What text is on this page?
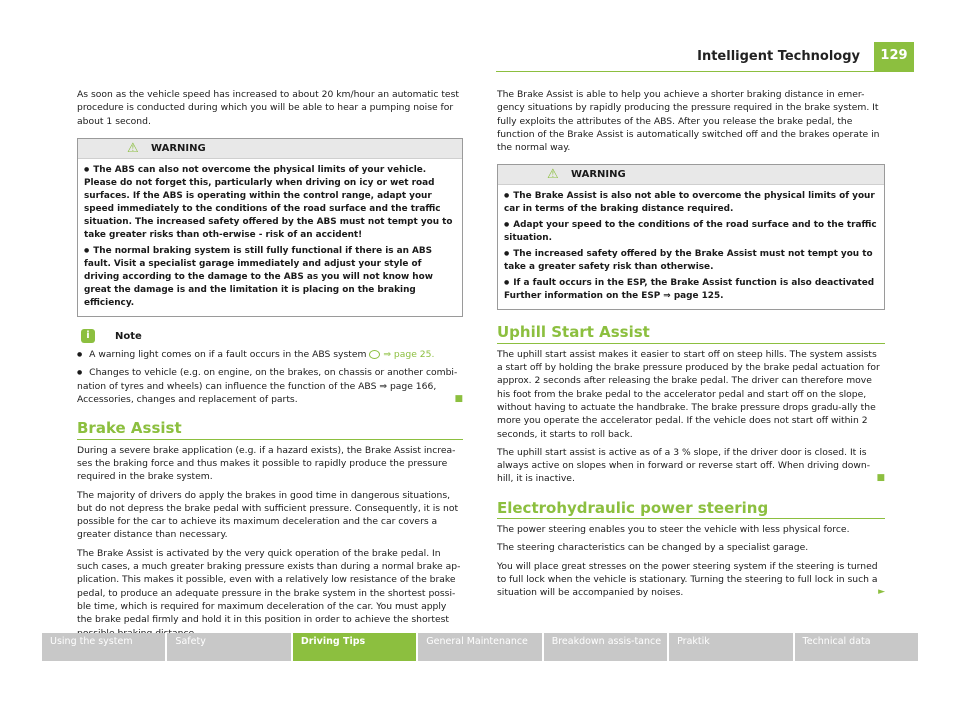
Intelligent Technology	129

As soon as the vehicle speed has increased to about 20 km/hour an automatic test procedure is conducted during which you will be able to hear a pumping noise for about 1 second.

⚠ WARNING

● The ABS can also not overcome the physical limits of your vehicle. Please do not forget this, particularly when driving on icy or wet road surfaces. If the ABS is operating within the control range, adapt your speed immediately to the conditions of the road surface and the traffic situation. The increased safety offered by the ABS must not tempt you to take greater risks than oth-erwise - risk of an accident!

● The normal braking system is still fully functional if there is an ABS fault. Visit a specialist garage immediately and adjust your style of driving according to the damage to the ABS as you will not know how great the damage is and the limitation it is placing on the braking efficiency.

i	Note

● A warning light comes on if a fault occurs in the ABS system ⇒ page 25.

● Changes to vehicle (e.g. on engine, on the brakes, on chassis or another combi-nation of tyres and wheels) can influence the function of the ABS ⇒ page 166, Accessories, changes and replacement of parts.	■

Brake Assist

During a severe brake application (e.g. if a hazard exists), the Brake Assist increa-ses the braking force and thus makes it possible to rapidly produce the pressure required in the brake system.

The majority of drivers do apply the brakes in good time in dangerous situations, but do not depress the brake pedal with sufficient pressure. Consequently, it is not possible for the car to achieve its maximum deceleration and the car covers a greater distance than necessary.

The Brake Assist is activated by the very quick operation of the brake pedal. In such cases, a much greater braking pressure exists than during a normal brake ap-plication. This makes it possible, even with a relatively low resistance of the brake pedal, to produce an adequate pressure in the brake system in the shortest possi-ble time, which is required for maximum deceleration of the car. You must apply the brake pedal firmly and hold it in this position in order to achieve the shortest

The Brake Assist is able to help you achieve a shorter braking distance in emer-gency situations by rapidly producing the pressure required in the brake system. It fully exploits the attributes of the ABS. After you release the brake pedal, the function of the Brake Assist is automatically switched off and the brakes operate in the normal way.

⚠ WARNING

● The Brake Assist is also not able to overcome the physical limits of your car in terms of the braking distance required.

● Adapt your speed to the conditions of the road surface and to the traffic situation.

● The increased safety offered by the Brake Assist must not tempt you to take a greater safety risk than otherwise.

● If a fault occurs in the ESP, the Brake Assist function is also deactivated Further information on the ESP ⇒ page 125.

Uphill Start Assist

The uphill start assist makes it easier to start off on steep hills. The system assists a start off by holding the brake pressure produced by the brake pedal actuation for approx. 2 seconds after releasing the brake pedal. The driver can therefore move his foot from the brake pedal to the accelerator pedal and start off on the slope, without having to actuate the handbrake. The brake pressure drops gradu-ally the more you operate the accelerator pedal. If the vehicle does not start off within 2 seconds, it starts to roll back.

The uphill start assist is active as of a 3 % slope, if the driver door is closed. It is always active on slopes when in forward or reverse start off. When driving down-hill, it is inactive.	■

Electrohydraulic power steering

The power steering enables you to steer the vehicle with less physical force.

The steering characteristics can be changed by a specialist garage.

You will place great stresses on the power steering system if the steering is turned to full lock when the vehicle is stationary. Turning the steering to full lock in such a situation will be accompanied by noises.	►

Using the system	Safety	Driving Tips	General Maintenance	Breakdown assis-tance	Praktik	Technical data
